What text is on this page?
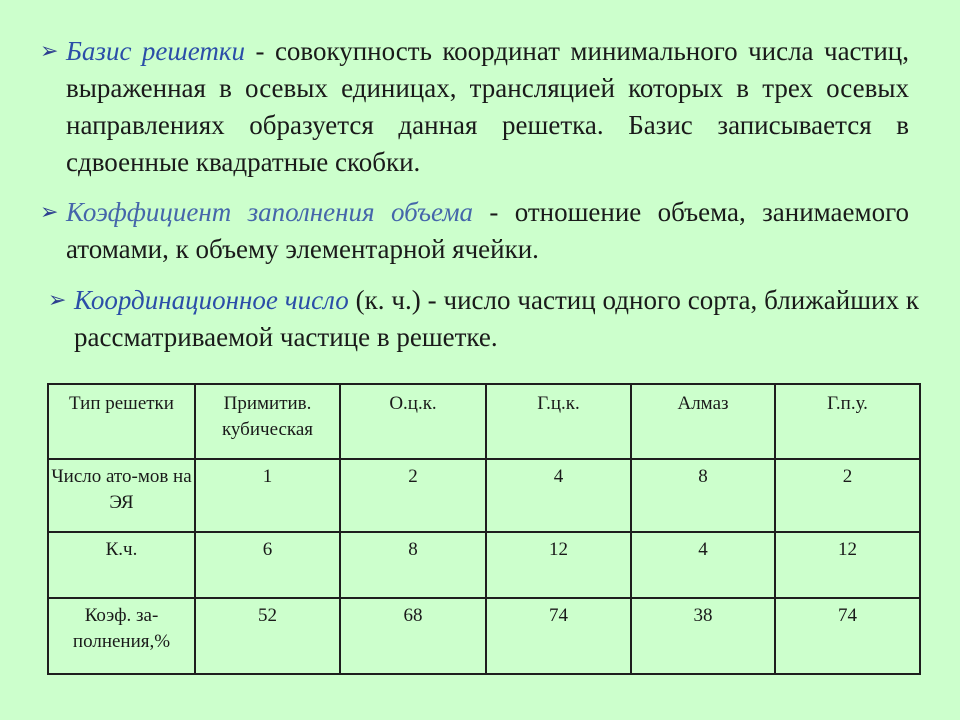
➢ Базис решетки - совокупность координат минимального числа частиц, выраженная в осевых единицах, трансляцией которых в трех осевых направлениях образуется данная решетка. Базис записывается в сдвоенные квадратные скобки.
➢ Коэффициент заполнения объема - отношение объема, занимаемого атомами, к объему элементарной ячейки.
➢ Координационное число (к. ч.) - число частиц одного сорта, ближайших к рассматриваемой частице в решетке.
Тип решетки	Примитив. кубическая	О.ц.к.	Г.ц.к.	Алмаз	Г.п.у.
Число ато-мов на ЭЯ	1	2	4	8	2
К.ч.	6	8	12	4	12
Коэф. за-полнения,%	52	68	74	38	74
